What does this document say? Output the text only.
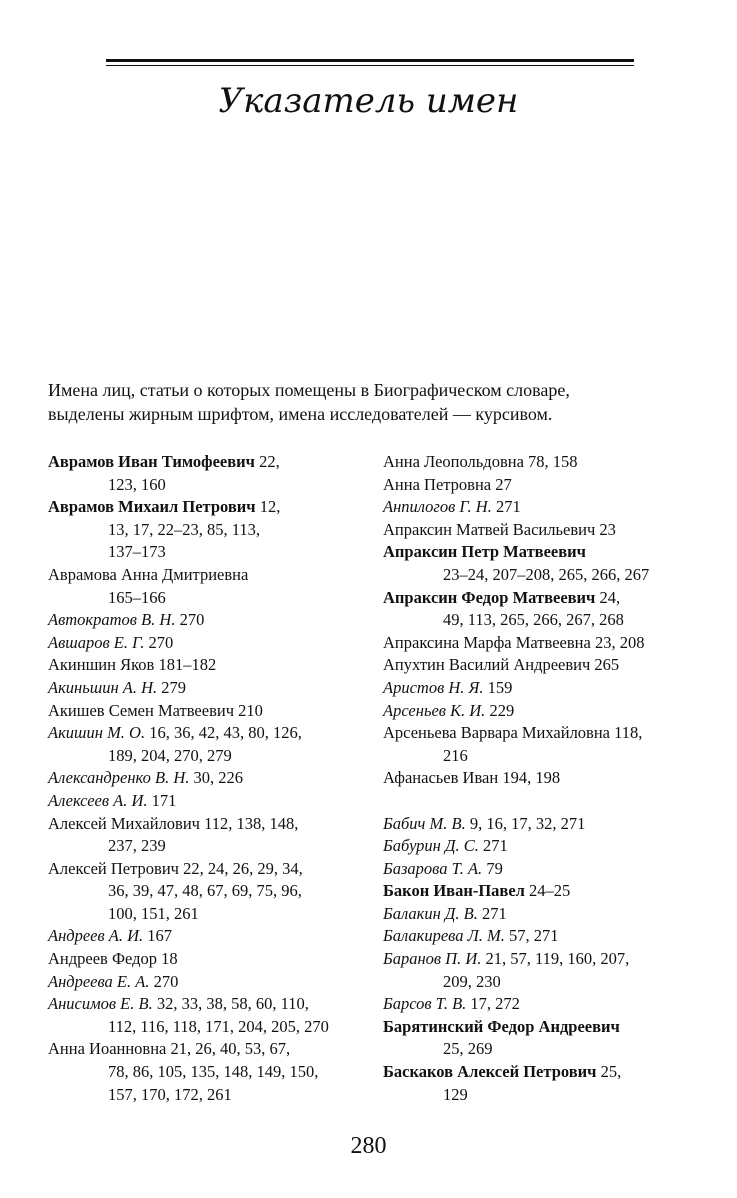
Указатель имен
Имена лиц, статьи о которых помещены в Биографическом словаре,
выделены жирным шрифтом, имена исследователей — курсивом.
Аврамов Иван Тимофеевич 22,
123, 160
Аврамов Михаил Петрович 12,
13, 17, 22–23, 85, 113,
137–173
Аврамова Анна Дмитриевна
165–166
Автократов В. Н. 270
Авшаров Е. Г. 270
Акиншин Яков 181–182
Акиньшин А. Н. 279
Акишев Семен Матвеевич 210
Акишин М. О. 16, 36, 42, 43, 80, 126,
189, 204, 270, 279
Александренко В. Н. 30, 226
Алексеев А. И. 171
Алексей Михайлович 112, 138, 148,
237, 239
Алексей Петрович 22, 24, 26, 29, 34,
36, 39, 47, 48, 67, 69, 75, 96,
100, 151, 261
Андреев А. И. 167
Андреев Федор 18
Андреева Е. А. 270
Анисимов Е. В. 32, 33, 38, 58, 60, 110,
112, 116, 118, 171, 204, 205, 270
Анна Иоанновна 21, 26, 40, 53, 67,
78, 86, 105, 135, 148, 149, 150,
157, 170, 172, 261
Анна Леопольдовна 78, 158
Анна Петровна 27
Анпилогов Г. Н. 271
Апраксин Матвей Васильевич 23
Апраксин Петр Матвеевич
23–24, 207–208, 265, 266, 267
Апраксин Федор Матвеевич 24,
49, 113, 265, 266, 267, 268
Апраксина Марфа Матвеевна 23, 208
Апухтин Василий Андреевич 265
Аристов Н. Я. 159
Арсеньев К. И. 229
Арсеньева Варвара Михайловна 118,
216
Афанасьев Иван 194, 198
Бабич М. В. 9, 16, 17, 32, 271
Бабурин Д. С. 271
Базарова Т. А. 79
Бакон Иван-Павел 24–25
Балакин Д. В. 271
Балакирева Л. М. 57, 271
Баранов П. И. 21, 57, 119, 160, 207,
209, 230
Барсов Т. В. 17, 272
Барятинский Федор Андреевич
25, 269
Баскаков Алексей Петрович 25,
129
280
